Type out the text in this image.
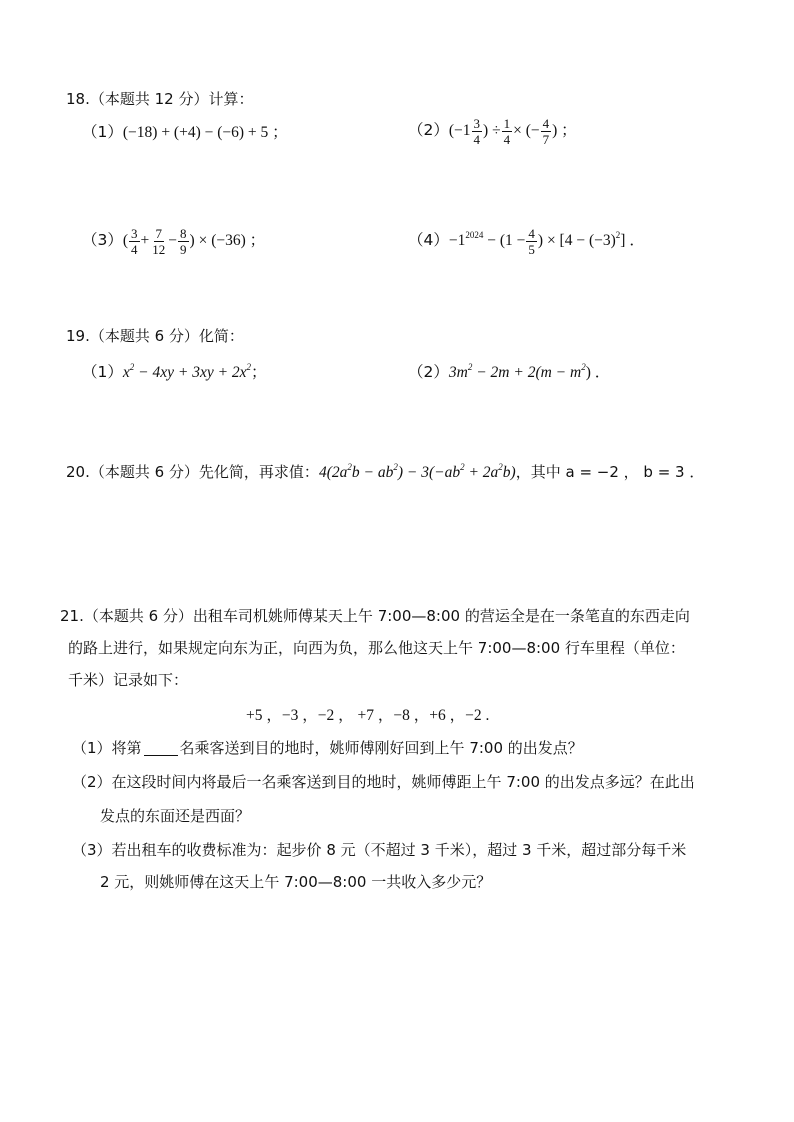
18.（本题共 12 分）计算：
（1）(−18) + (+4) − (−6) + 5 ；	$(2)(-1 \frac{3}{4}$ ) ÷ $\frac{1}{4}$ × (− $\frac{4}{7}$ ) ；
$(3)( \frac{3}{4} + \frac{7}{12} - \frac{8}{9}$ ) × (−36) ；	$(4)-1^{2024} - (1 - \frac{4}{5}$ ) × $[4 - (-3)^2]$ ．
19.（本题共 6 分）化简：
$(1)x^2 - 4xy + 3xy + 2x^2$；	$(2)3m^2 - 2m + 2(m - m^2)$ ．
20.（本题共 6 分）先化简，再求值：$4(2a^2b - ab^2) - 3(-ab^2 + 2a^2b)$，其中 a = −2 ， b = 3 ．
21.（本题共 6 分）出租车司机姚师傅某天上午 7:00—8:00 的营运全是在一条笔直的东西走向
的路上进行，如果规定向东为正，向西为负，那么他这天上午 7:00—8:00 行车里程（单位：
千米）记录如下：
+5 ，−3 ，−2 ， +7 ，−8 ，+6 ，−2 .
（1）将第	名乘客送到目的地时，姚师傅刚好回到上午 7:00 的出发点？
（2）在这段时间内将最后一名乘客送到目的地时，姚师傅距上午 7:00 的出发点多远？在此出
发点的东面还是西面？
（3）若出租车的收费标准为：起步价 8 元（不超过 3 千米），超过 3 千米，超过部分每千米
2 元，则姚师傅在这天上午 7:00—8:00 一共收入多少元？
